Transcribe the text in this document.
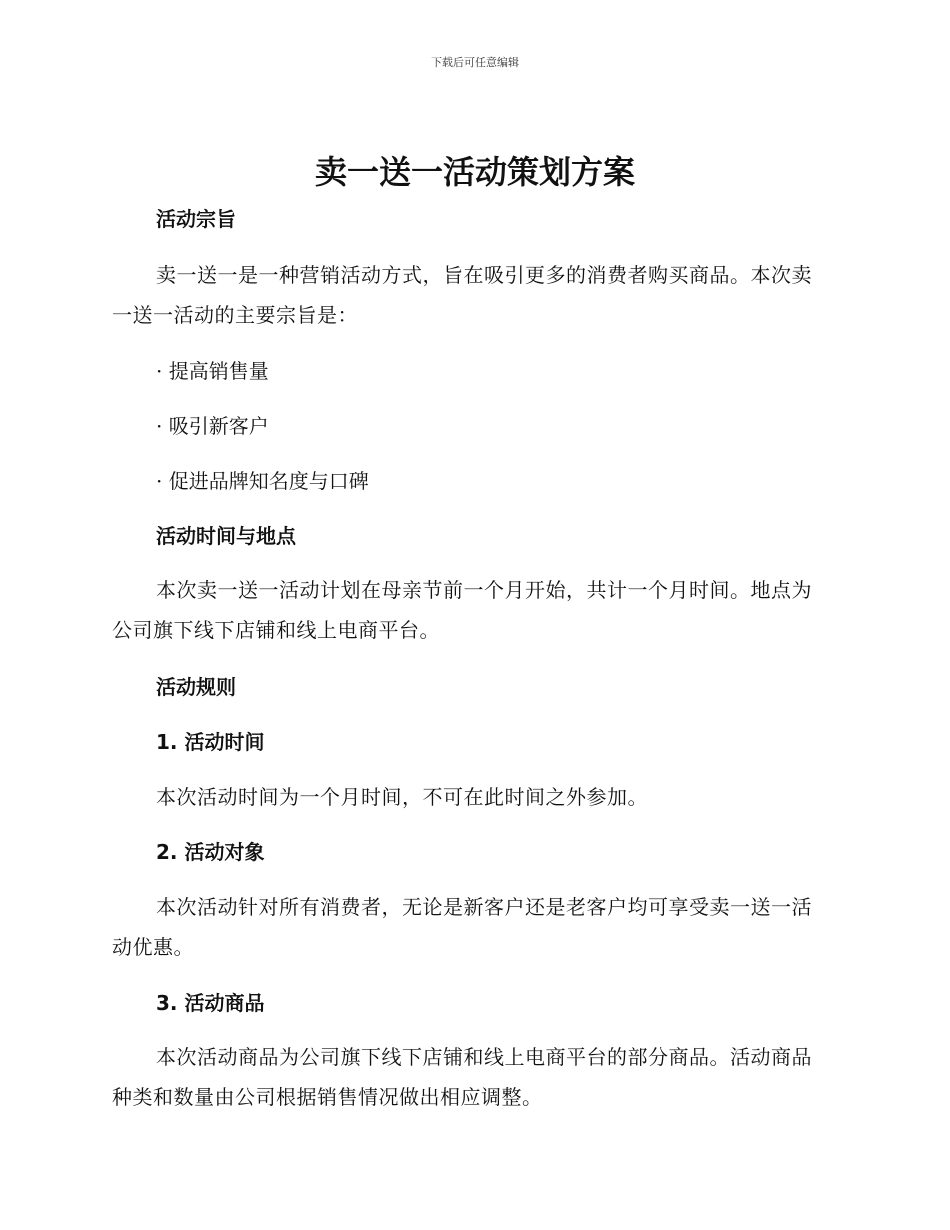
下载后可任意编辑
卖一送一活动策划方案
活动宗旨

卖一送一是一种营销活动方式，旨在吸引更多的消费者购买商品。本次卖一送一活动的主要宗旨是：

· 提高销售量
· 吸引新客户
· 促进品牌知名度与口碑
活动时间与地点

本次卖一送一活动计划在母亲节前一个月开始，共计一个月时间。地点为公司旗下线下店铺和线上电商平台。

活动规则
1. 活动时间

本次活动时间为一个月时间，不可在此时间之外参加。

2. 活动对象

本次活动针对所有消费者，无论是新客户还是老客户均可享受卖一送一活动优惠。

3. 活动商品

本次活动商品为公司旗下线下店铺和线上电商平台的部分商品。活动商品种类和数量由公司根据销售情况做出相应调整。
